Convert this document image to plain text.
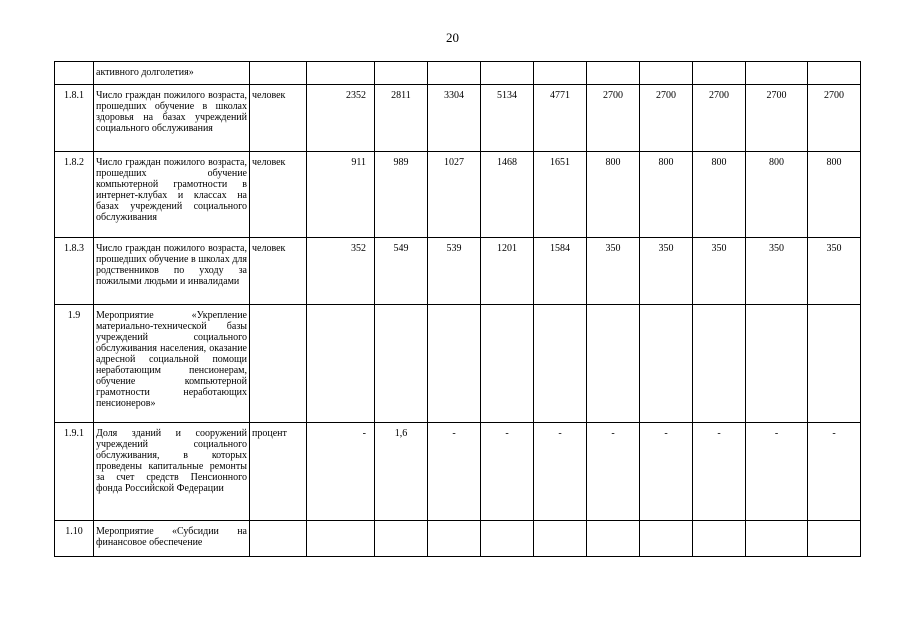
20
	активного долголетия»											
1.8.1	Число граждан пожилого возраста, прошедших обучение в школах здоровья на базах учреждений социального обслуживания	человек	2352	2811	3304	5134	4771	2700	2700	2700	2700	2700
1.8.2	Число граждан пожилого возраста, прошедших обучение компьютерной грамотности в интернет-клубах и классах на базах учреждений социального обслуживания	человек	911	989	1027	1468	1651	800	800	800	800	800
1.8.3	Число граждан пожилого возраста, прошедших обучение в школах для родственников по уходу за пожилыми людьми и инвалидами	человек	352	549	539	1201	1584	350	350	350	350	350
1.9	Мероприятие «Укрепление материально-технической базы учреждений социального обслуживания населения, оказание адресной социальной помощи неработающим пенсионерам, обучение компьютерной грамотности неработающих пенсионеров»											
1.9.1	Доля зданий и сооружений учреждений социального обслуживания, в которых проведены капитальные ремонты за счет средств Пенсионного фонда Российской Федерации	процент	-	1,6	-	-	-	-	-	-	-	-
1.10	Мероприятие «Субсидии на финансовое обеспечение											
